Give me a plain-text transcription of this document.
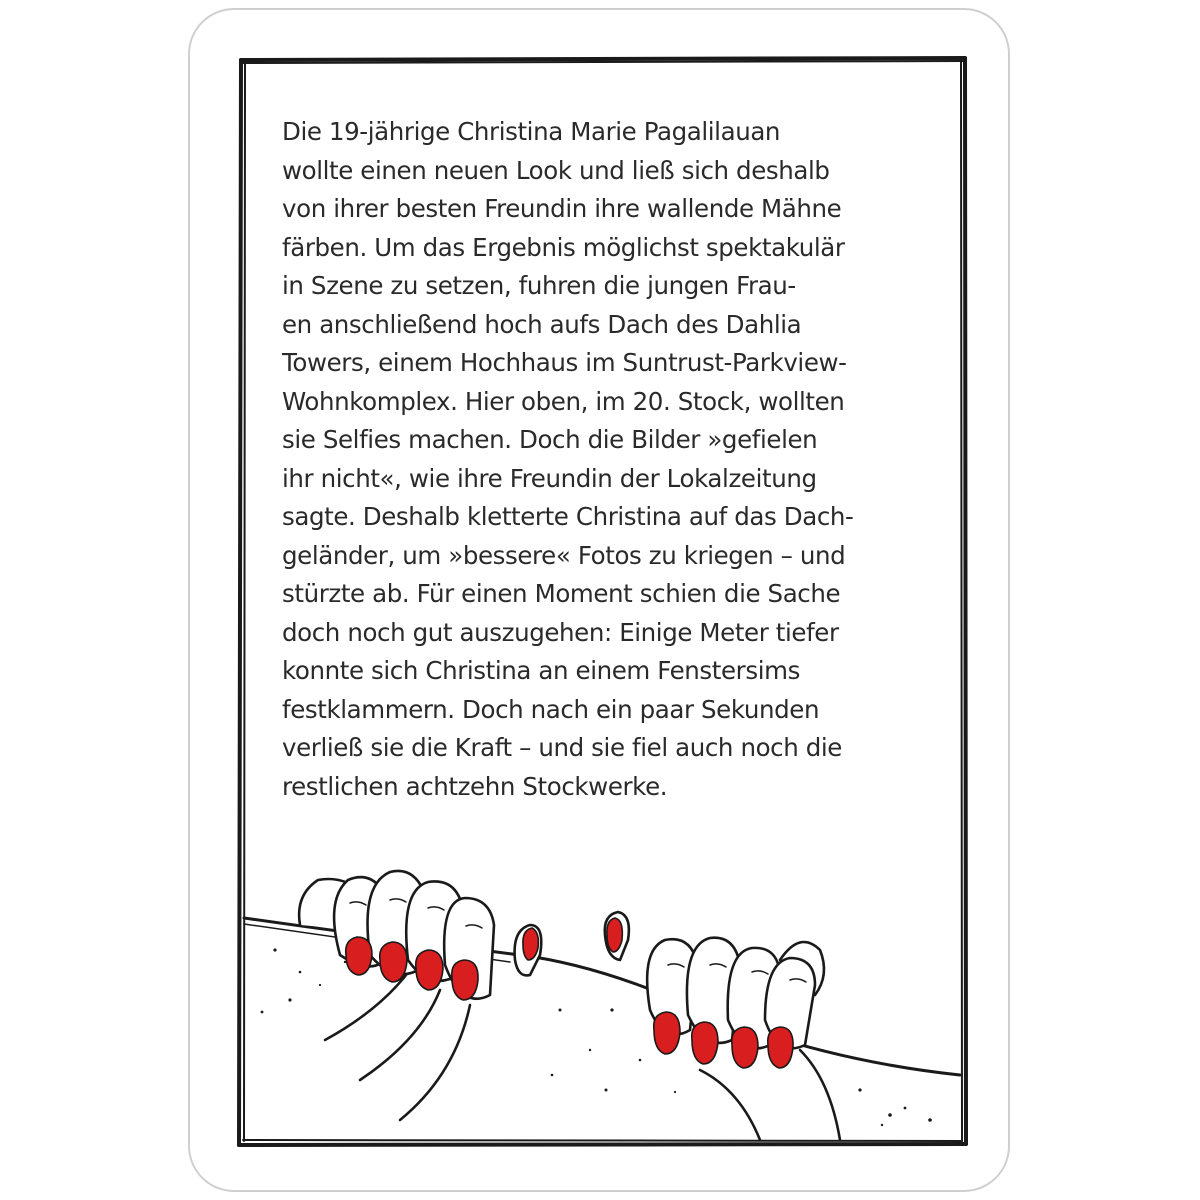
Die 19-jährige Christina Marie Pagalilauan
wollte einen neuen Look und ließ sich deshalb
von ihrer besten Freundin ihre wallende Mähne
färben. Um das Ergebnis möglichst spektakulär
in Szene zu setzen, fuhren die jungen Frau-
en anschließend hoch aufs Dach des Dahlia
Towers, einem Hochhaus im Suntrust-Parkview-
Wohnkomplex. Hier oben, im 20. Stock, wollten
sie Selfies machen. Doch die Bilder »gefielen
ihr nicht«, wie ihre Freundin der Lokalzeitung
sagte. Deshalb kletterte Christina auf das Dach-
geländer, um »bessere« Fotos zu kriegen – und
stürzte ab. Für einen Moment schien die Sache
doch noch gut auszugehen: Einige Meter tiefer
konnte sich Christina an einem Fenstersims
festklammern. Doch nach ein paar Sekunden
verließ sie die Kraft – und sie fiel auch noch die
restlichen achtzehn Stockwerke.
